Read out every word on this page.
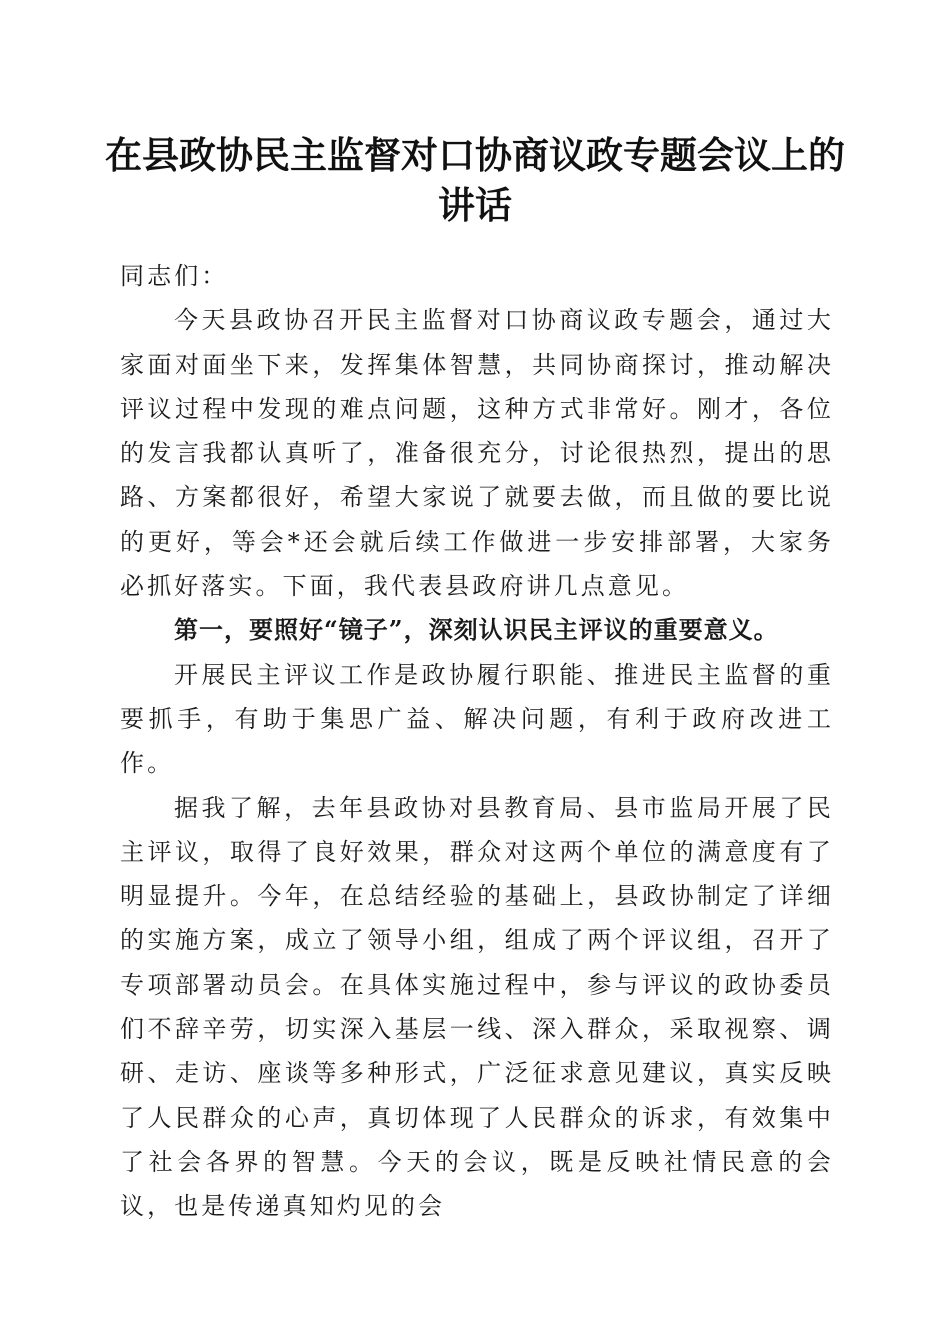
在县政协民主监督对口协商议政专题会议上的讲话

同志们：

今天县政协召开民主监督对口协商议政专题会，通过大家面对面坐下来，发挥集体智慧，共同协商探讨，推动解决评议过程中发现的难点问题，这种方式非常好。刚才，各位的发言我都认真听了，准备很充分，讨论很热烈，提出的思路、方案都很好，希望大家说了就要去做，而且做的要比说的更好，等会*还会就后续工作做进一步安排部署，大家务必抓好落实。下面，我代表县政府讲几点意见。

第一，要照好“镜子”，深刻认识民主评议的重要意义。

开展民主评议工作是政协履行职能、推进民主监督的重要抓手，有助于集思广益、解决问题，有利于政府改进工作。

据我了解，去年县政协对县教育局、县市监局开展了民主评议，取得了良好效果，群众对这两个单位的满意度有了明显提升。今年，在总结经验的基础上，县政协制定了详细的实施方案，成立了领导小组，组成了两个评议组，召开了专项部署动员会。在具体实施过程中，参与评议的政协委员们不辞辛劳，切实深入基层一线、深入群众，采取视察、调研、走访、座谈等多种形式，广泛征求意见建议，真实反映了人民群众的心声，真切体现了人民群众的诉求，有效集中了社会各界的智慧。今天的会议，既是反映社情民意的会议，也是传递真知灼见的会
